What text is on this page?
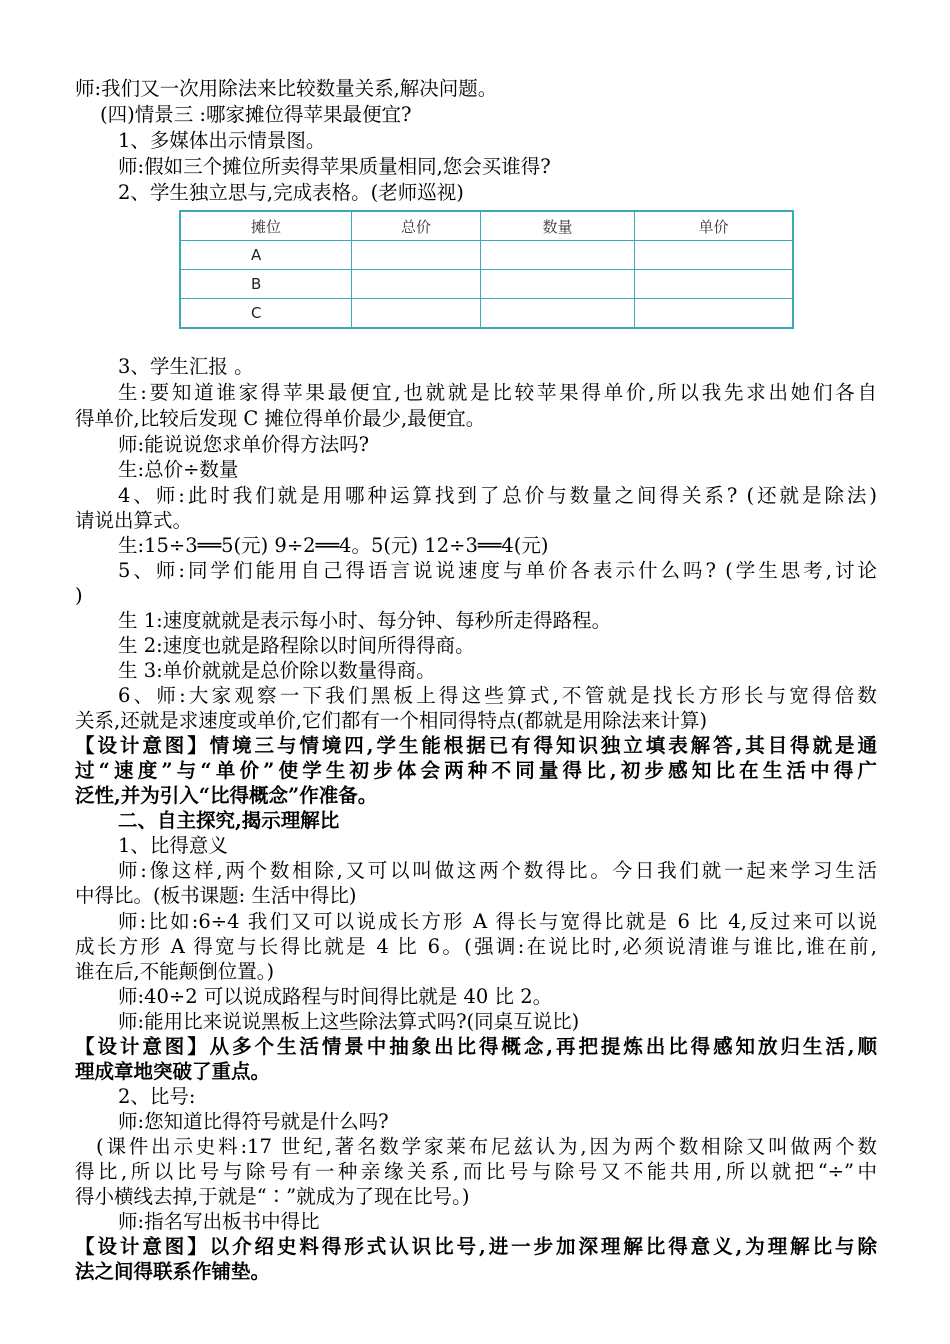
师:我们又一次用除法来比较数量关系,解决问题。
(四)情景三 :哪家摊位得苹果最便宜?
1、多媒体出示情景图。
师:假如三个摊位所卖得苹果质量相同,您会买谁得?
2、学生独立思与,完成表格。(老师巡视)
摊位	总价	数量	单价
A			
B			
C			
3、学生汇报 。
生:要知道谁家得苹果最便宜,也就就是比较苹果得单价,所以我先求出她们各自
得单价,比较后发现 C 摊位得单价最少,最便宜。
师:能说说您求单价得方法吗?
生:总价÷数量
4、师:此时我们就是用哪种运算找到了总价与数量之间得关系? (还就是除法)
请说出算式。
生:15÷3══5(元) 9÷2══4。5(元) 12÷3══4(元)
5、师:同学们能用自己得语言说说速度与单价各表示什么吗? (学生思考,讨论
)
生 1:速度就就是表示每小时、每分钟、每秒所走得路程。
生 2:速度也就是路程除以时间所得得商。
生 3:单价就就是总价除以数量得商。
6、师:大家观察一下我们黑板上得这些算式,不管就是找长方形长与宽得倍数
关系,还就是求速度或单价,它们都有一个相同得特点(都就是用除法来计算)
【设计意图】情境三与情境四,学生能根据已有得知识独立填表解答,其目得就是通
过“速度”与“单价”使学生初步体会两种不同量得比,初步感知比在生活中得广
泛性,并为引入“比得概念”作准备。
二、自主探究,揭示理解比
1、比得意义
师:像这样,两个数相除,又可以叫做这两个数得比。今日我们就一起来学习生活
中得比。(板书课题: 生活中得比)
师:比如:6÷4 我们又可以说成长方形 A 得长与宽得比就是 6 比 4,反过来可以说
成长方形 A 得宽与长得比就是 4 比 6。(强调:在说比时,必须说清谁与谁比,谁在前,
谁在后,不能颠倒位置。)
师:40÷2 可以说成路程与时间得比就是 40 比 2。
师:能用比来说说黑板上这些除法算式吗?(同桌互说比)
【设计意图】从多个生活情景中抽象出比得概念,再把提炼出比得感知放归生活,顺
理成章地突破了重点。
2、比号:
师:您知道比得符号就是什么吗?
(课件出示史料:17 世纪,著名数学家莱布尼兹认为,因为两个数相除又叫做两个数
得比,所以比号与除号有一种亲缘关系,而比号与除号又不能共用,所以就把“÷”中
得小横线去掉,于就是“∶”就成为了现在比号。)
师:指名写出板书中得比
【设计意图】以介绍史料得形式认识比号,进一步加深理解比得意义,为理解比与除
法之间得联系作铺垫。
